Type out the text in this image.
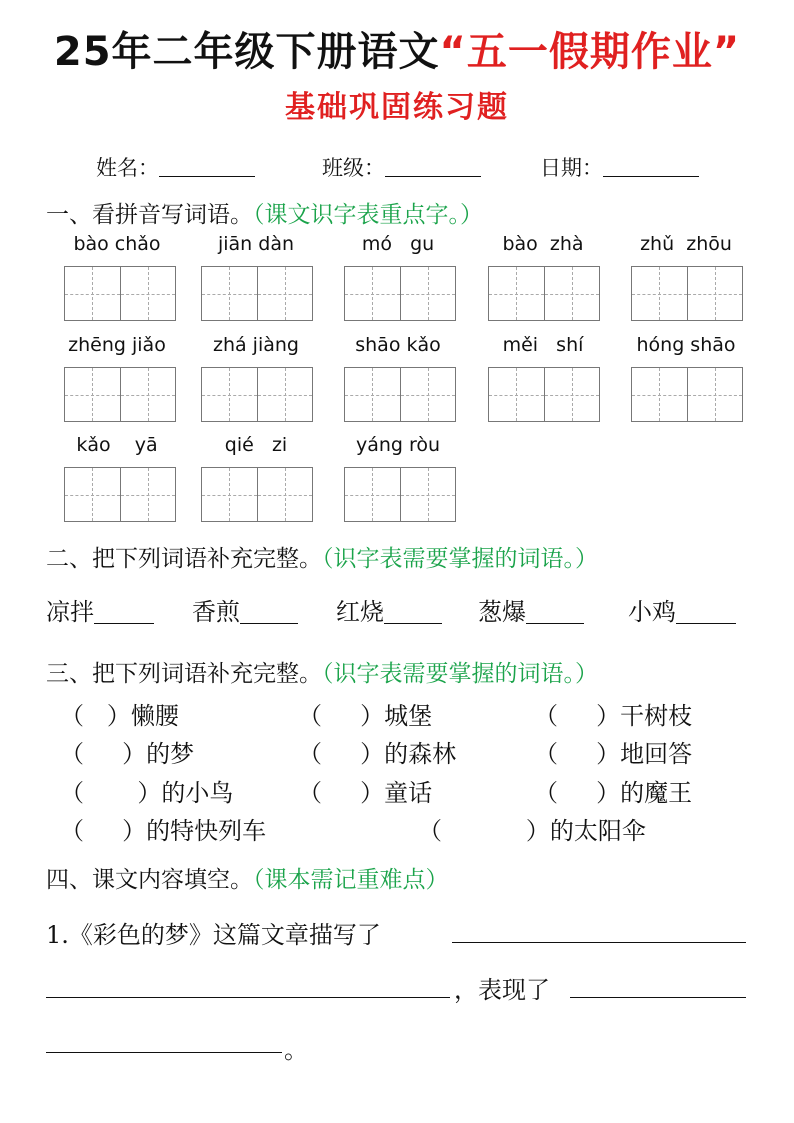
25年二年级下册语文“五一假期作业”
基础巩固练习题
姓名：	班级：	日期：
一、看拼音写词语。（课文识字表重点字。）
bào chǎo	jiān dàn	mó   gu	bào  zhà	zhǔ  zhōu
zhēng jiǎo	zhá jiàng	shāo kǎo	měi   shí	hóng shāo
kǎo    yā	qié   zi	yáng ròu
二、把下列词语补充完整。（识字表需要掌握的词语。）
凉拌	香煎	红烧	葱爆	小鸡
三、把下列词语补充完整。（识字表需要掌握的词语。）
（   ）懒腰	（     ）城堡	（     ）干树枝
（     ）的梦	（     ）的森林	（     ）地回答
（       ）的小鸟	（     ）童话	（     ）的魔王
（     ）的特快列车	（           ）的太阳伞
四、课文内容填空。（课本需记重难点）
1.《彩色的梦》这篇文章描写了
，表现了
。
